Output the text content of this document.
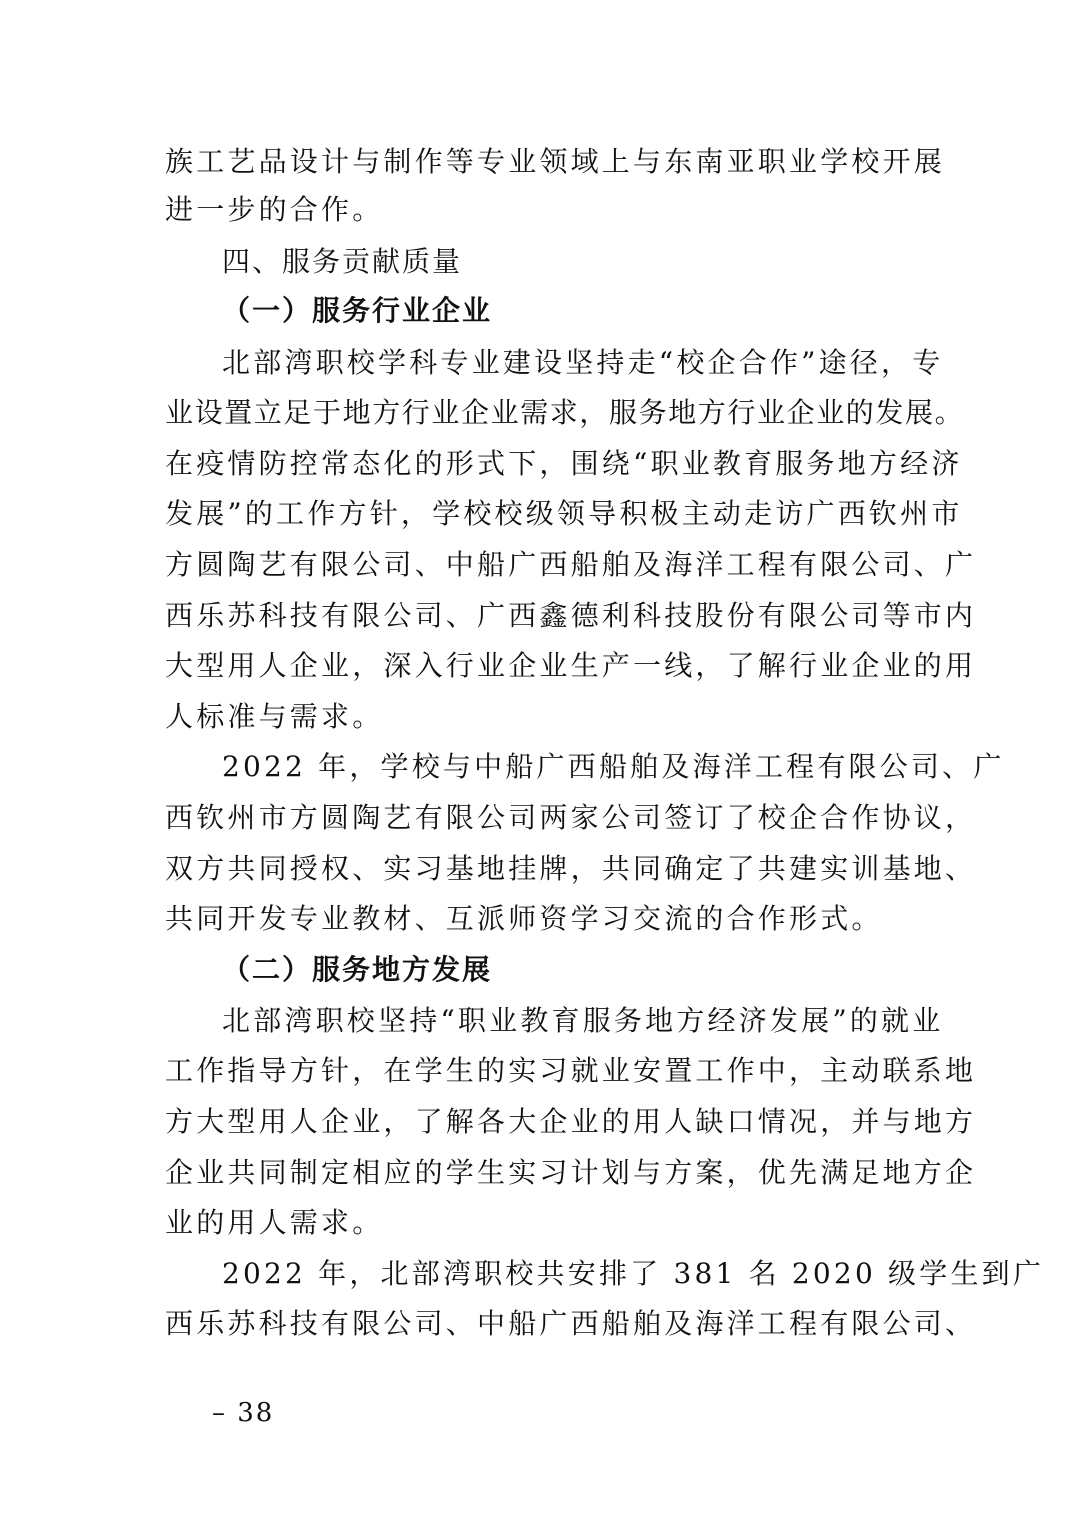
族工艺品设计与制作等专业领域上与东南亚职业学校开展
进一步的合作。
四、服务贡献质量
（一）服务行业企业
北部湾职校学科专业建设坚持走“校企合作”途径，专
业设置立足于地方行业企业需求，服务地方行业企业的发展。
在疫情防控常态化的形式下，围绕“职业教育服务地方经济
发展”的工作方针，学校校级领导积极主动走访广西钦州市
方圆陶艺有限公司、中船广西船舶及海洋工程有限公司、广
西乐苏科技有限公司、广西鑫德利科技股份有限公司等市内
大型用人企业，深入行业企业生产一线，了解行业企业的用
人标准与需求。
2022 年，学校与中船广西船舶及海洋工程有限公司、广
西钦州市方圆陶艺有限公司两家公司签订了校企合作协议，
双方共同授权、实习基地挂牌，共同确定了共建实训基地、
共同开发专业教材、互派师资学习交流的合作形式。
（二）服务地方发展
北部湾职校坚持“职业教育服务地方经济发展”的就业
工作指导方针，在学生的实习就业安置工作中，主动联系地
方大型用人企业，了解各大企业的用人缺口情况，并与地方
企业共同制定相应的学生实习计划与方案，优先满足地方企
业的用人需求。
2022 年，北部湾职校共安排了 381 名 2020 级学生到广
西乐苏科技有限公司、中船广西船舶及海洋工程有限公司、
– 38
